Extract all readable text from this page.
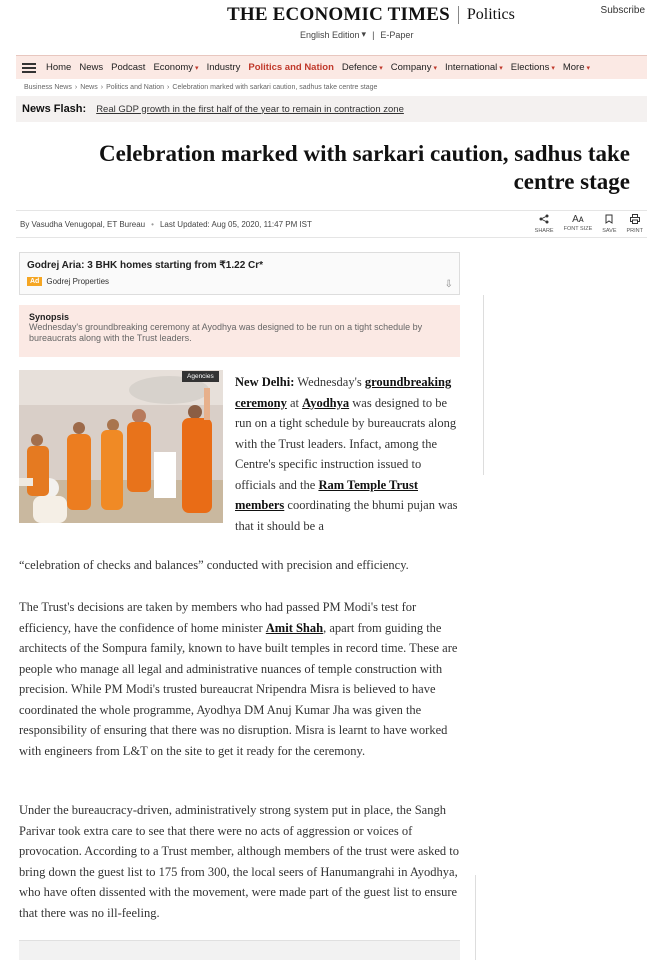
THE ECONOMIC TIMES Politics	Subscribe
English Edition ▾ | E-Paper
Home News Podcast Economy ▾ Industry Politics and Nation Defence ▾ Company ▾ International ▾ Elections ▾ More ▾
Business News › News › Politics and Nation › Celebration marked with sarkari caution, sadhus take centre stage
News Flash: Real GDP growth in the first half of the year to remain in contraction zone
Celebration marked with sarkari caution, sadhus take centre stage
By Vasudha Venugopal, ET Bureau • Last Updated: Aug 05, 2020, 11:47 PM IST
SHARE
Aᴀ
FONT SIZE SAVE PRINT
Godrej Aria: 3 BHK homes starting from ₹1.22 Cr*
Ad Godrej Properties	⇩
Synopsis
Wednesday's groundbreaking ceremony at Ayodhya was designed to be run on a tight schedule by bureaucrats along with the Trust leaders.
Agencies	New Delhi: Wednesday's groundbreaking ceremony at Ayodhya was designed to be run on a tight schedule by bureaucrats along with the Trust leaders. Infact, among the Centre's specific instruction issued to officials and the Ram Temple Trust members coordinating the bhumi pujan was that it should be a

“celebration of checks and balances” conducted with precision and efficiency.

The Trust's decisions are taken by members who had passed PM Modi's test for efficiency, have the confidence of home minister Amit Shah, apart from guiding the architects of the Sompura family, known to have built temples in record time. These are people who manage all legal and administrative nuances of temple construction with precision. While PM Modi's trusted bureaucrat Nripendra Misra is believed to have coordinated the whole programme, Ayodhya DM Anuj Kumar Jha was given the responsibility of ensuring that there was no disruption. Misra is learnt to have worked with engineers from L&T on the site to get it ready for the ceremony.

Under the bureaucracy-driven, administratively strong system put in place, the Sangh Parivar took extra care to see that there were no acts of aggression or voices of provocation. According to a Trust member, although members of the trust were asked to bring down the guest list to 175 from 300, the local seers of Hanumangrahi in Ayodhya, who have often dissented with the movement, were made part of the guest list to ensure that there was no ill-feeling.
